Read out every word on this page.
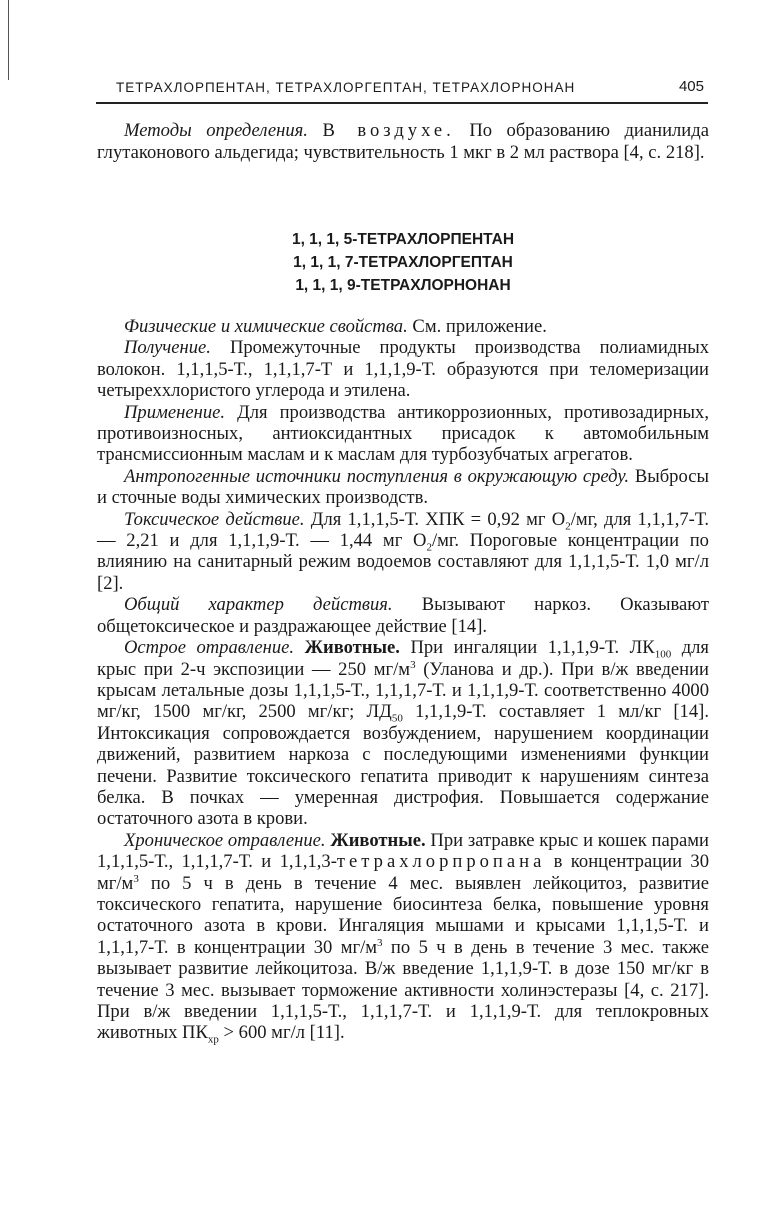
ТЕТРАХЛОРПЕНТАН, ТЕТРАХЛОРГЕПТАН, ТЕТРАХЛОРНОНАН	405

Методы определения. В воздухе. По образованию дианилида глутаконового альдегида; чувствительность 1 мкг в 2 мл раствора [4, с. 218].

1, 1, 1, 5-ТЕТРАХЛОРПЕНТАН
1, 1, 1, 7-ТЕТРАХЛОРГЕПТАН
1, 1, 1, 9-ТЕТРАХЛОРНОНАН

Физические и химические свойства. См. приложение.

Получение. Промежуточные продукты производства полиамидных волокон. 1,1,1,5-Т., 1,1,1,7-Т и 1,1,1,9-Т. образуются при теломеризации четыреххлористого углерода и этилена.

Применение. Для производства антикоррозионных, противозадирных, противоизносных, антиоксидантных присадок к автомобильным трансмиссионным маслам и к маслам для турбозубчатых агрегатов.

Антропогенные источники поступления в окружающую среду. Выбросы и сточные воды химических производств.

Токсическое действие. Для 1,1,1,5-Т. ХПК = 0,92 мг $O_2/мг$, для 1,1,1,7-Т. — 2,21 и для 1,1,1,9-Т. — 1,44 мг $O_2/мг$. Пороговые концентрации по влиянию на санитарный режим водоемов составляют для 1,1,1,5-Т. 1,0 мг/л [2].

Общий характер действия. Вызывают наркоз. Оказывают общетоксическое и раздражающее действие [14].

Острое отравление. Животные. При ингаляции 1,1,1,9-Т. $ЛК_{100}$ для крыс при 2-ч экспозиции — 250 $мг/м^3$ (Уланова и др.). При в/ж введении крысам летальные дозы 1,1,1,5-Т., 1,1,1,7-Т. и 1,1,1,9-Т. соответственно 4000 мг/кг, 1500 мг/кг, 2500 мг/кг; $ЛД_{50}$ 1,1,1,9-Т. составляет 1 мл/кг [14]. Интоксикация сопровождается возбуждением, нарушением координации движений, развитием наркоза с последующими изменениями функции печени. Развитие токсического гепатита приводит к нарушениям синтеза белка. В почках — умеренная дистрофия. Повышается содержание остаточного азота в крови.

Хроническое отравление. Животные. При затравке крыс и кошек парами 1,1,1,5-Т., 1,1,1,7-Т. и 1,1,1,3-тетрахлорпропана в концентрации 30 $мг/м^3$ по 5 ч в день в течение 4 мес. выявлен лейкоцитоз, развитие токсического гепатита, нарушение биосинтеза белка, повышение уровня остаточного азота в крови. Ингаляция мышами и крысами 1,1,1,5-Т. и 1,1,1,7-Т. в концентрации 30 $мг/м^3$ по 5 ч в день в течение 3 мес. также вызывает развитие лейкоцитоза. В/ж введение 1,1,1,9-Т. в дозе 150 мг/кг в течение 3 мес. вызывает торможение активности холинэстеразы [4, с. 217]. При в/ж введении 1,1,1,5-Т., 1,1,1,7-Т. и 1,1,1,9-Т. для теплокровных животных $ПК_{хр} > 600$ мг/л [11].
